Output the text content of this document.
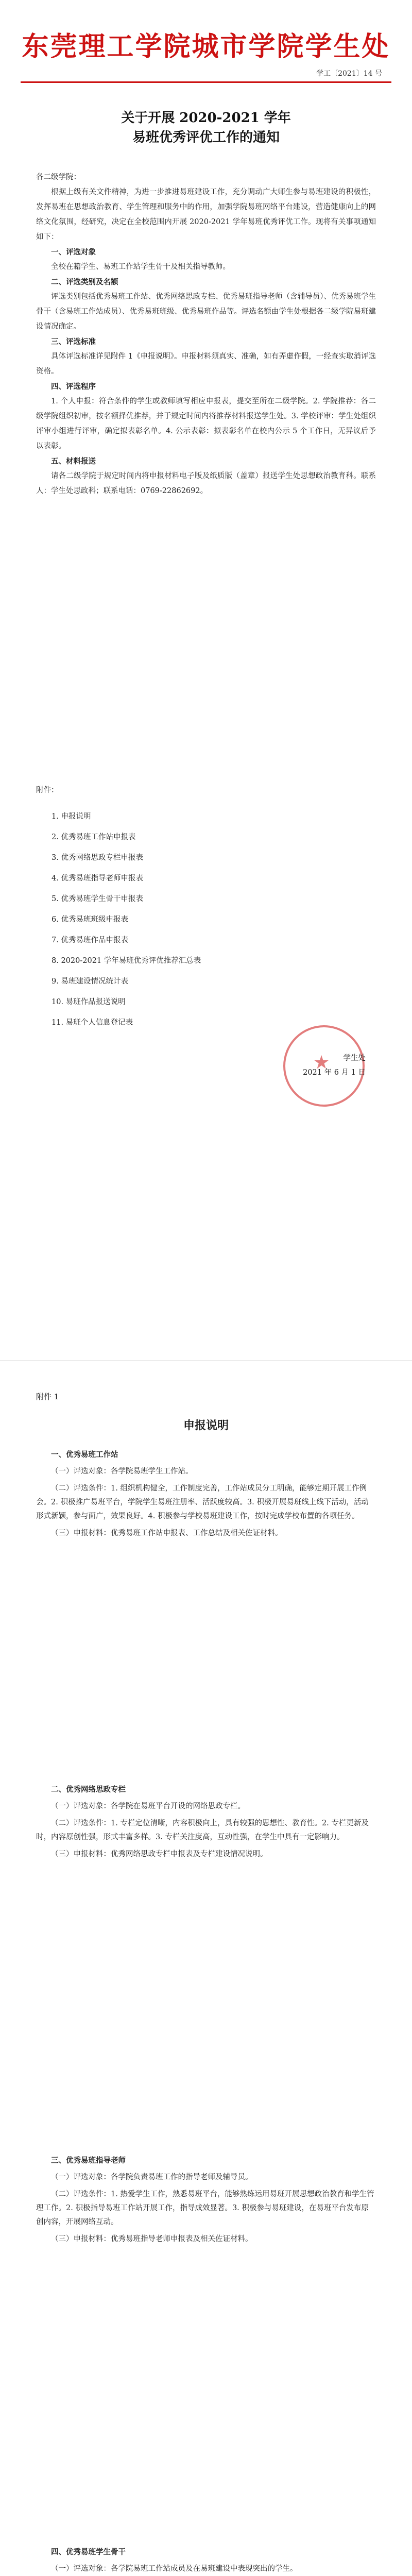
东莞理工学院城市学院学生处
学工〔2021〕14 号
关于开展 2020-2021 学年
易班优秀评优工作的通知
各二级学院：

根据上级有关文件精神，为进一步推进易班建设工作，充分调动广大师生参与易班建设的积极性，发挥易班在思想政治教育、学生管理和服务中的作用，加强学院易班网络平台建设，营造健康向上的网络文化氛围，经研究，决定在全校范围内开展 2020-2021 学年易班优秀评优工作。现将有关事项通知如下：

一、评选对象

全校在籍学生、易班工作站学生骨干及相关指导教师。

二、评选类别及名额

评选类别包括优秀易班工作站、优秀网络思政专栏、优秀易班指导老师（含辅导员）、优秀易班学生骨干（含易班工作站成员）、优秀易班班级、优秀易班作品等。评选名额由学生处根据各二级学院易班建设情况确定。

三、评选标准

具体评选标准详见附件 1《申报说明》。申报材料须真实、准确，如有弄虚作假，一经查实取消评选资格。

四、评选程序

1. 个人申报：符合条件的学生或教师填写相应申报表，提交至所在二级学院。2. 学院推荐：各二级学院组织初审，按名额择优推荐，并于规定时间内将推荐材料报送学生处。3. 学校评审：学生处组织评审小组进行评审，确定拟表彰名单。4. 公示表彰：拟表彰名单在校内公示 5 个工作日，无异议后予以表彰。

五、材料报送

请各二级学院于规定时间内将申报材料电子版及纸质版（盖章）报送学生处思想政治教育科。联系人：学生处思政科；联系电话：0769-22862692。

附件：
1. 申报说明
2. 优秀易班工作站申报表
3. 优秀网络思政专栏申报表
4. 优秀易班指导老师申报表
5. 优秀易班学生骨干申报表
6. 优秀易班班级申报表
7. 优秀易班作品申报表
8. 2020-2021 学年易班优秀评优推荐汇总表
9. 易班建设情况统计表
10. 易班作品报送说明
11. 易班个人信息登记表
★
学生处
2021 年 6 月 1 日
附件 1
申报说明

一、优秀易班工作站

（一）评选对象：各学院易班学生工作站。

（二）评选条件：1. 组织机构健全，工作制度完善，工作站成员分工明确，能够定期开展工作例会。2. 积极推广易班平台，学院学生易班注册率、活跃度较高。3. 积极开展易班线上线下活动，活动形式新颖，参与面广，效果良好。4. 积极参与学校易班建设工作，按时完成学校布置的各项任务。

（三）申报材料：优秀易班工作站申报表、工作总结及相关佐证材料。

二、优秀网络思政专栏

（一）评选对象：各学院在易班平台开设的网络思政专栏。

（二）评选条件：1. 专栏定位清晰，内容积极向上，具有较强的思想性、教育性。2. 专栏更新及时，内容原创性强，形式丰富多样。3. 专栏关注度高，互动性强，在学生中具有一定影响力。

（三）申报材料：优秀网络思政专栏申报表及专栏建设情况说明。

三、优秀易班指导老师

（一）评选对象：各学院负责易班工作的指导老师及辅导员。

（二）评选条件：1. 热爱学生工作，熟悉易班平台，能够熟练运用易班开展思想政治教育和学生管理工作。2. 积极指导易班工作站开展工作，指导成效显著。3. 积极参与易班建设，在易班平台发布原创内容，开展网络互动。

（三）申报材料：优秀易班指导老师申报表及相关佐证材料。

四、优秀易班学生骨干

（一）评选对象：各学院易班工作站成员及在易班建设中表现突出的学生。
